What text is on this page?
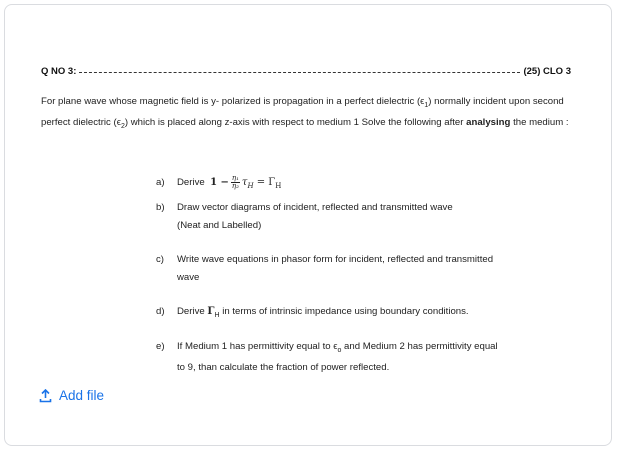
Q NO 3:	(25) CLO 3
For plane wave whose magnetic field is y- polarized is propagation in a perfect dielectric $(\epsilon_1)$ normally incident upon second perfect dielectric $(\epsilon_2)$ which is placed along z-axis with respect to medium 1 Solve the following after analysing the medium :
a) Derive $1 - \frac{\text{η₁}}{\text{η₂}} \tau_H = \Gamma_H$
b) Draw vector diagrams of incident, reflected and transmitted wave
(Neat and Labelled)
c) Write wave equations in phasor form for incident, reflected and transmitted
wave
d) Derive $\Gamma_H$ in terms of intrinsic impedance using boundary conditions.
e) If Medium 1 has permittivity equal to $\epsilon_o$ and Medium 2 has permittivity equal
to 9, than calculate the fraction of power reflected.
Add file
